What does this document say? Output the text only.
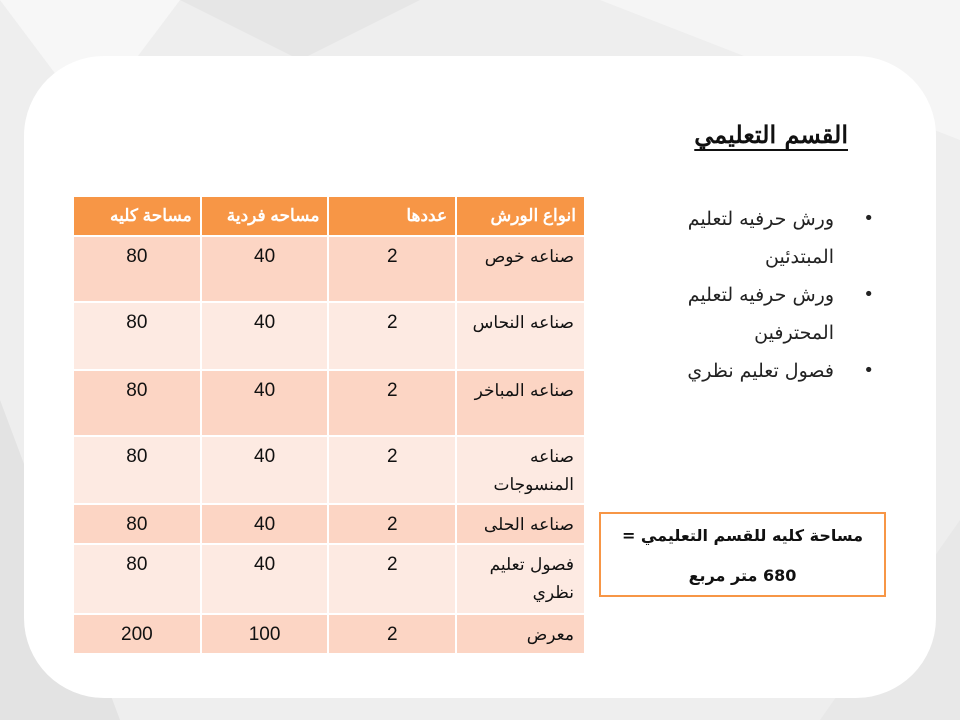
القسم التعليمي
• ورش حرفيه لتعليم المبتدئين
• ورش حرفيه لتعليم المحترفين
• فصول تعليم نظري
انواع الورش	عددها	مساحه فردية	مساحة كليه
صناعه خوص	2	40	80
صناعه النحاس	2	40	80
صناعه المباخر	2	40	80
صناعه المنسوجات	2	40	80
صناعه الحلى	2	40	80
فصول تعليم نظري	2	40	80
معرض	2	100	200
مساحة كليه للقسم التعليمي =
680 متر مربع
